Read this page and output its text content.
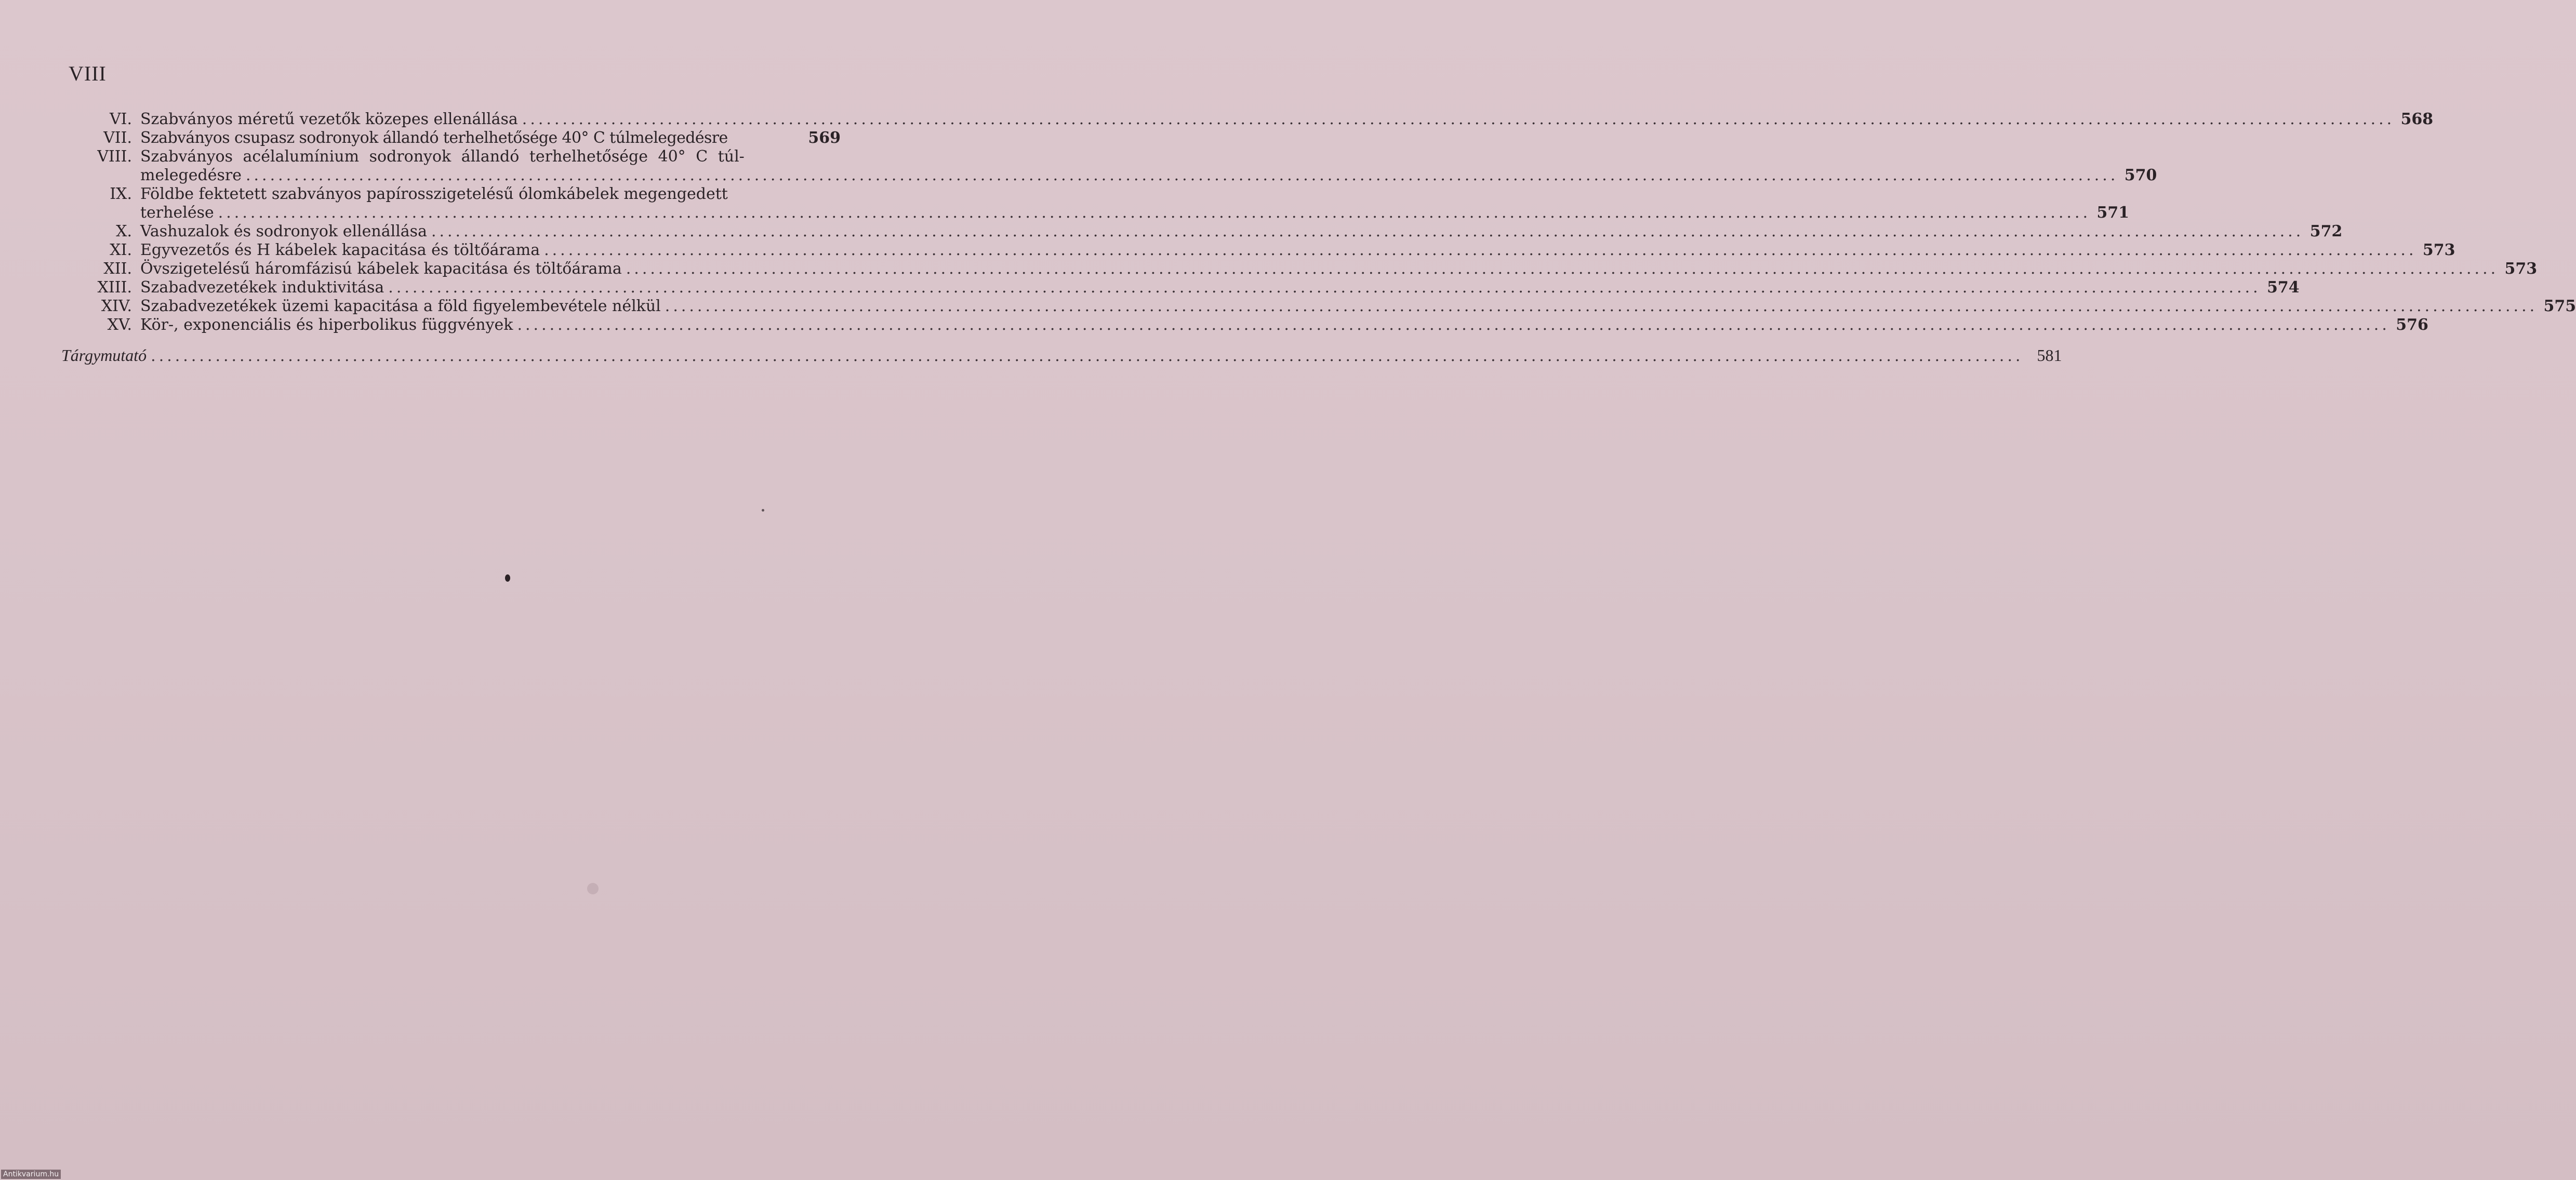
VIII
VI. Szabványos méretű vezetők közepes ellenállása .....	568
VII. Szabványos csupasz sodronyok állandó terhelhetősége 40° C túlmelegedésre	569
VIII. Szabványos acélalumínium sodronyok állandó terhelhetősége 40° C túl-
melegedésre .....	570
IX. Földbe fektetett szabványos papírosszigetelésű ólomkábelek megengedett
terhelése .....	571
X. Vashuzalok és sodronyok ellenállása .....	572
XI. Egyvezetős és H kábelek kapacitása és töltőárama .....	573
XII. Övszigetelésű háromfázisú kábelek kapacitása és töltőárama .....	573
XIII. Szabadvezetékek induktivitása .....	574
XIV. Szabadvezetékek üzemi kapacitása a föld figyelembevétele nélkül .....	575
XV. Kör-, exponenciális és hiperbolikus függvények .....	576
Tárgymutató .....	581
Antikvarium.hu
